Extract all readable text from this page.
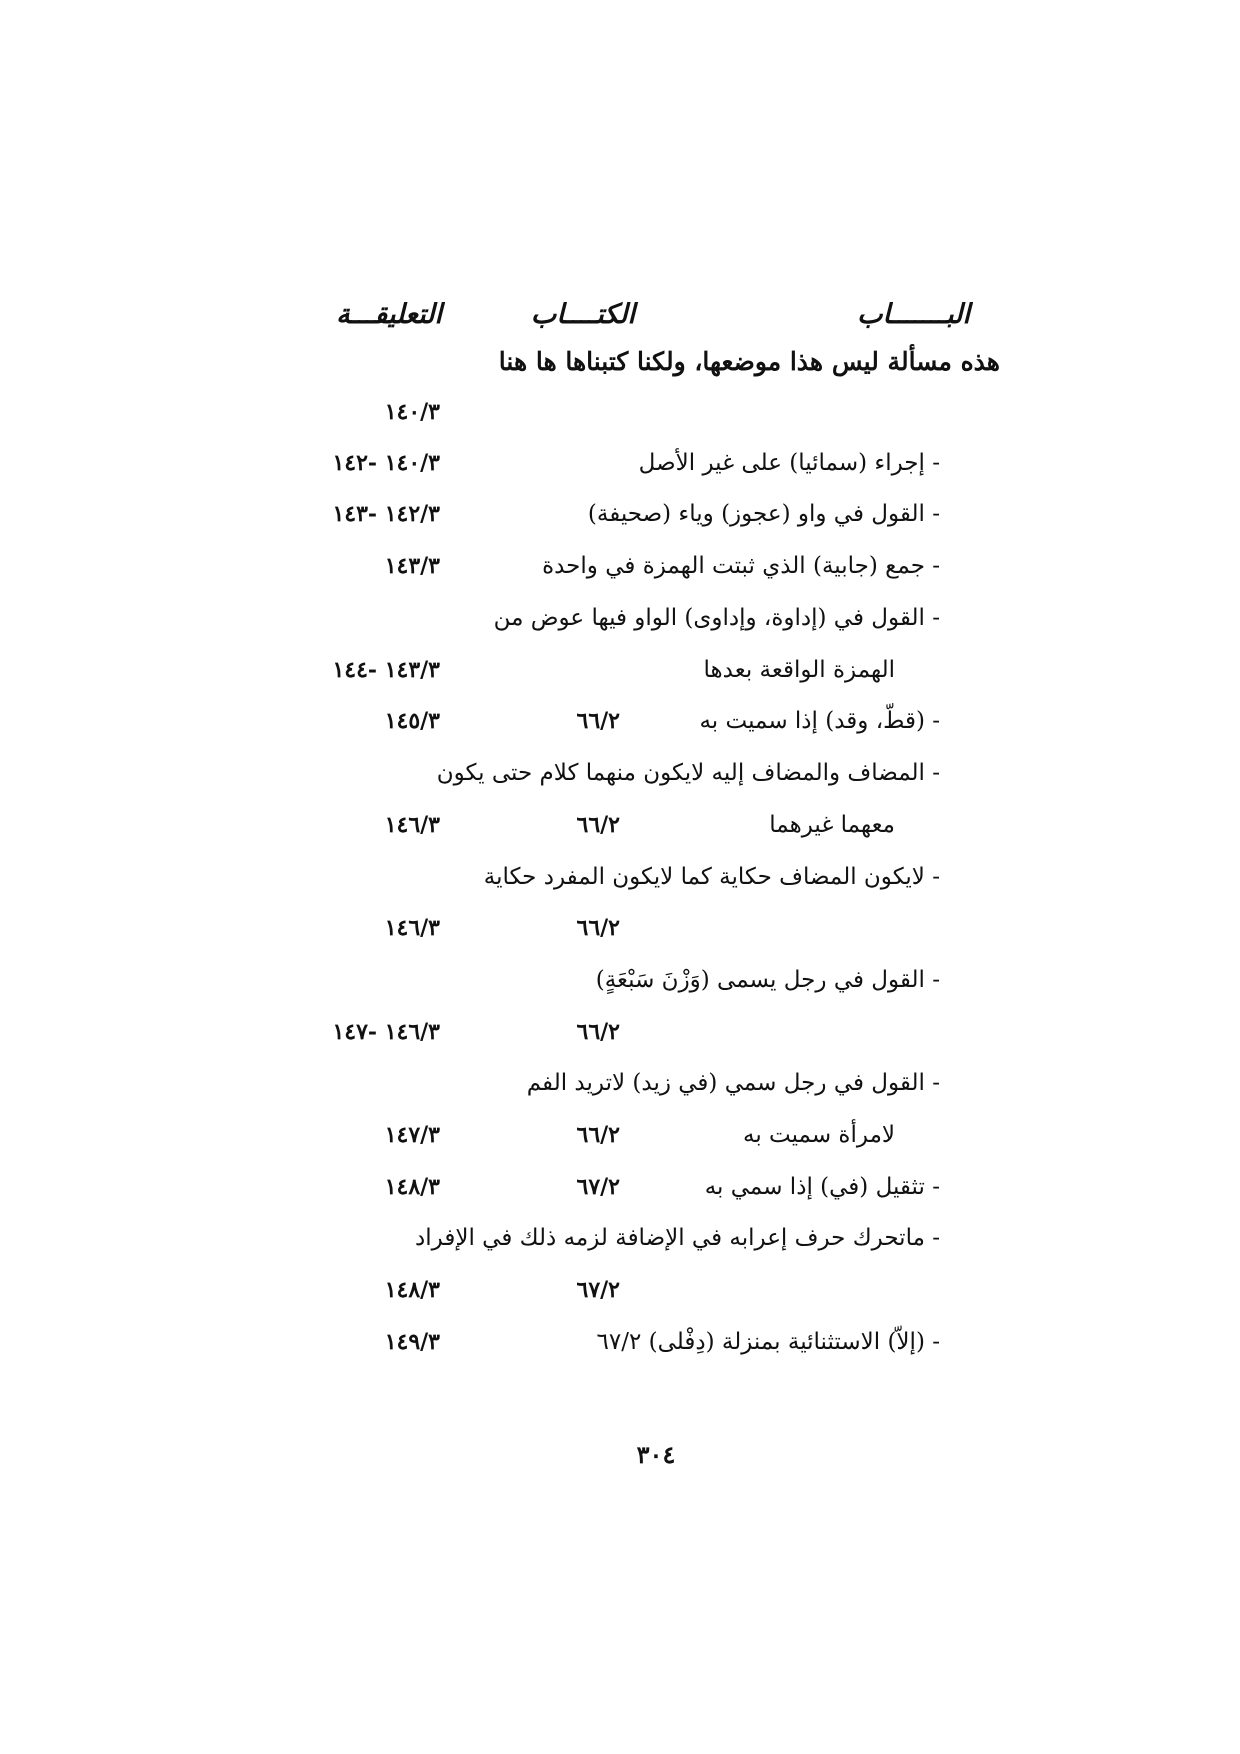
البـــــــاب
الكتــــاب
التعليقـــة
هذه مسألة ليس هذا موضعها، ولكنا كتبناها ها هنا
١٤٠/٣
- إجراء (سمائيا) على غير الأصل
١٤٠/٣ -١٤٢
- القول في واو (عجوز) وياء (صحيفة)
١٤٢/٣ -١٤٣
- جمع (جابية) الذي ثبتت الهمزة في واحدة
١٤٣/٣
- القول في (إداوة، وإداوى) الواو فيها عوض من
الهمزة الواقعة بعدها
١٤٣/٣ -١٤٤
- (قطّ، وقد) إذا سميت به
٦٦/٢
١٤٥/٣
- المضاف والمضاف إليه لايكون منهما كلام حتى يكون
معهما غيرهما
٦٦/٢
١٤٦/٣
- لايكون المضاف حكاية كما لايكون المفرد حكاية
٦٦/٢
١٤٦/٣
- القول في رجل يسمى (وَزْنَ سَبْعَةٍ)
٦٦/٢
١٤٦/٣ -١٤٧
- القول في رجل سمي (في زيد) لاتريد الفم
لامرأة سميت به
٦٦/٢
١٤٧/٣
- تثقيل (في) إذا سمي به
٦٧/٢
١٤٨/٣
- ماتحرك حرف إعرابه في الإضافة لزمه ذلك في الإفراد
٦٧/٢
١٤٨/٣
- (إلاّ) الاستثنائية بمنزلة (دِفْلى) ٦٧/٢
١٤٩/٣
٣٠٤
